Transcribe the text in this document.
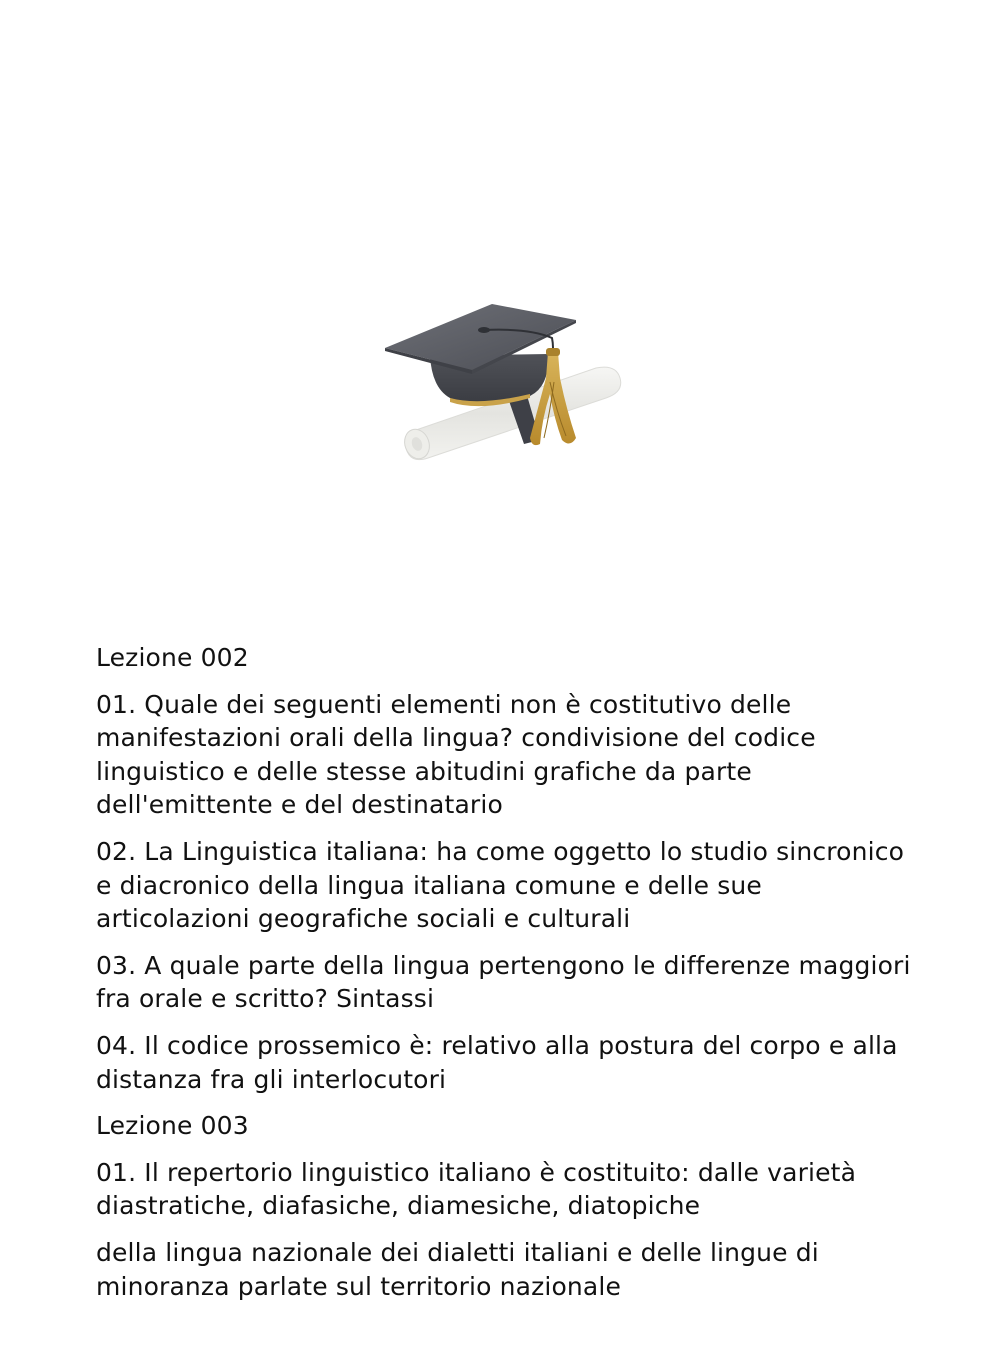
Lezione 002

01. Quale dei seguenti elementi non è costitutivo delle manifestazioni orali della lingua? condivisione del codice linguistico e delle stesse abitudini grafiche da parte dell'emittente e del destinatario

02. La Linguistica italiana: ha come oggetto lo studio sincronico e diacronico della lingua italiana comune e delle sue articolazioni geografiche sociali e culturali

03. A quale parte della lingua pertengono le differenze maggiori fra orale e scritto? Sintassi

04. Il codice prossemico è: relativo alla postura del corpo e alla distanza fra gli interlocutori

Lezione 003

01. Il repertorio linguistico italiano è costituito: dalle varietà diastratiche, diafasiche, diamesiche, diatopiche

della lingua nazionale dei dialetti italiani e delle lingue di minoranza parlate sul territorio nazionale
